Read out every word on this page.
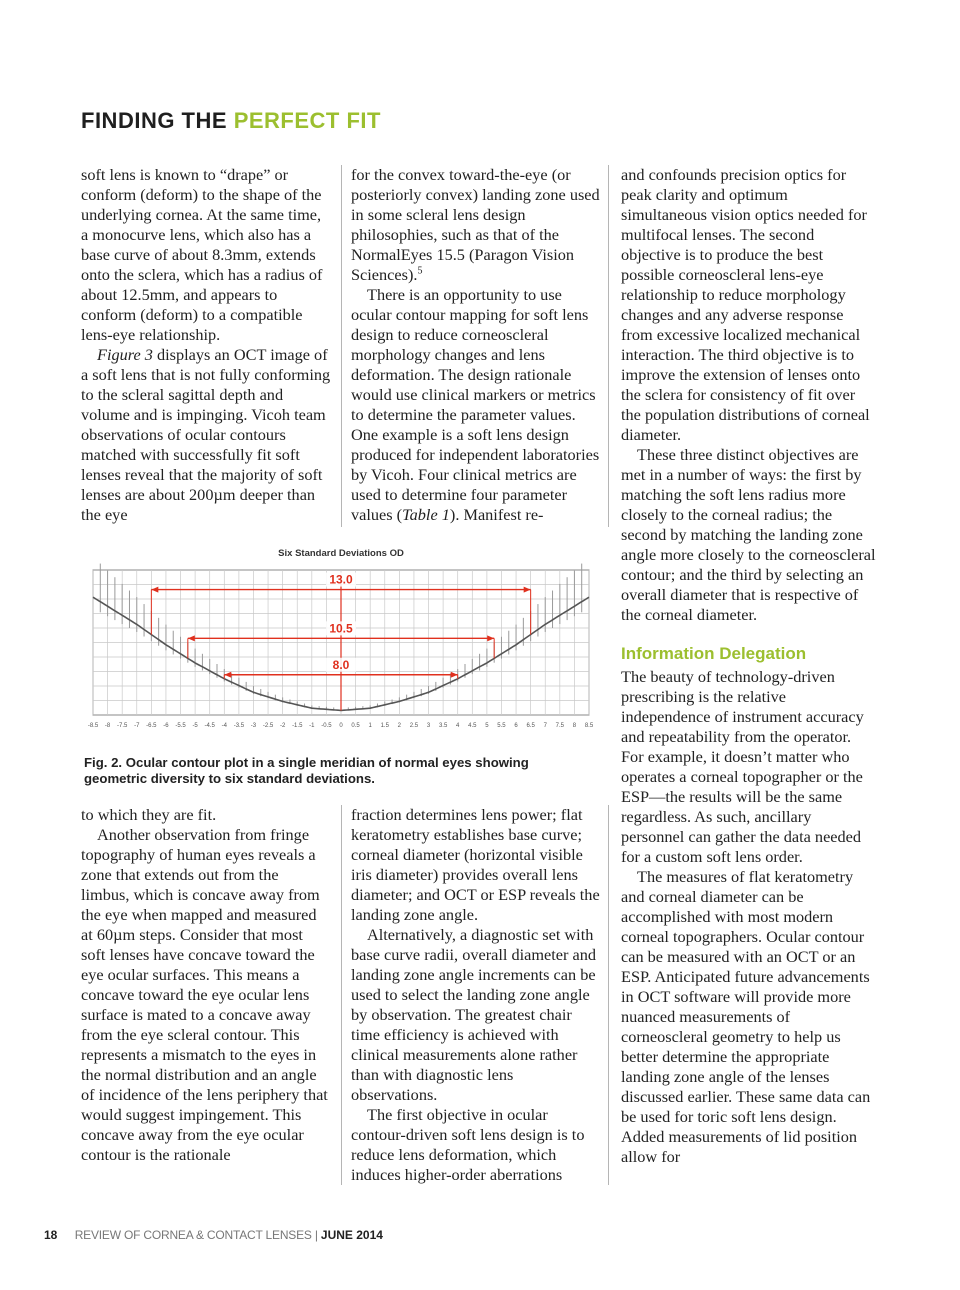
FINDING THE PERFECT FIT

soft lens is known to “drape” or conform (deform) to the shape of the underlying cornea. At the same time, a monocurve lens, which also has a base curve of about 8.3mm, extends onto the sclera, which has a radius of about 12.5mm, and appears to conform (deform) to a compatible lens-eye relationship.

Figure 3 displays an OCT image of a soft lens that is not fully conforming to the scleral sagittal depth and volume and is impinging. Vicoh team observations of ocular contours matched with successfully fit soft lenses reveal that the majority of soft lenses are about 200µm deeper than the eye

for the convex toward-the-eye (or posteriorly convex) landing zone used in some scleral lens design philosophies, such as that of the NormalEyes 15.5 (Paragon Vision Sciences).$^5$

There is an opportunity to use ocular contour mapping for soft lens design to reduce corneoscleral morphology changes and lens deformation. The design rationale would use clinical markers or metrics to determine the parameter values. One example is a soft lens design produced for independent laboratories by Vicoh. Four clinical metrics are used to determine four parameter values (Table 1). Manifest re-

and confounds precision optics for peak clarity and optimum simultaneous vision optics needed for multifocal lenses. The second objective is to produce the best possible corneoscleral lens-eye relationship to reduce morphology changes and any adverse response from excessive localized mechanical interaction. The third objective is to improve the extension of lenses onto the sclera for consistency of fit over the population distributions of corneal diameter.

These three distinct objectives are met in a number of ways: the first by matching the soft lens radius more closely to the corneal radius; the second by matching the landing zone angle more closely to the corneoscleral contour; and the third by selecting an overall diameter that is respective of the corneal diameter.

Information Delegation

The beauty of technology-driven prescribing is the relative independence of instrument accuracy and repeatability from the operator. For example, it doesn’t matter who operates a corneal topographer or the ESP—the results will be the same regardless. As such, ancillary personnel can gather the data needed for a custom soft lens order.

The measures of flat keratometry and corneal diameter can be accomplished with most modern corneal topographers. Ocular contour can be measured with an OCT or an ESP. Anticipated future advancements in OCT software will provide more nuanced measurements of corneoscleral geometry to help us better determine the appropriate landing zone angle of the lenses discussed earlier. These same data can be used for toric soft lens design. Added measurements of lid position allow for

Six Standard Deviations OD
13.0
10.5
8.0
-8.5 -8 -7.5 -7 -6.5 -6 -5.5 -5 -4.5 -4 -3.5 -3 -2.5 -2 -1.5 -1 -0.5 0 0.5 1 1.5 2 2.5 3 3.5 4 4.5 5 5.5 6 6.5 7 7.5 8 8.5
Fig. 2. Ocular contour plot in a single meridian of normal eyes showing geometric diversity to six standard deviations.

to which they are fit.

Another observation from fringe topography of human eyes reveals a zone that extends out from the limbus, which is concave away from the eye when mapped and measured at 60µm steps. Consider that most soft lenses have concave toward the eye ocular surfaces. This means a concave toward the eye ocular lens surface is mated to a concave away from the eye scleral contour. This represents a mismatch to the eyes in the normal distribution and an angle of incidence of the lens periphery that would suggest impingement. This concave away from the eye ocular contour is the rationale

fraction determines lens power; flat keratometry establishes base curve; corneal diameter (horizontal visible iris diameter) provides overall lens diameter; and OCT or ESP reveals the landing zone angle.

Alternatively, a diagnostic set with base curve radii, overall diameter and landing zone angle increments can be used to select the landing zone angle by observation. The greatest chair time efficiency is achieved with clinical measurements alone rather than with diagnostic lens observations.

The first objective in ocular contour-driven soft lens design is to reduce lens deformation, which induces higher-order aberrations

18 REVIEW OF CORNEA & CONTACT LENSES | JUNE 2014
